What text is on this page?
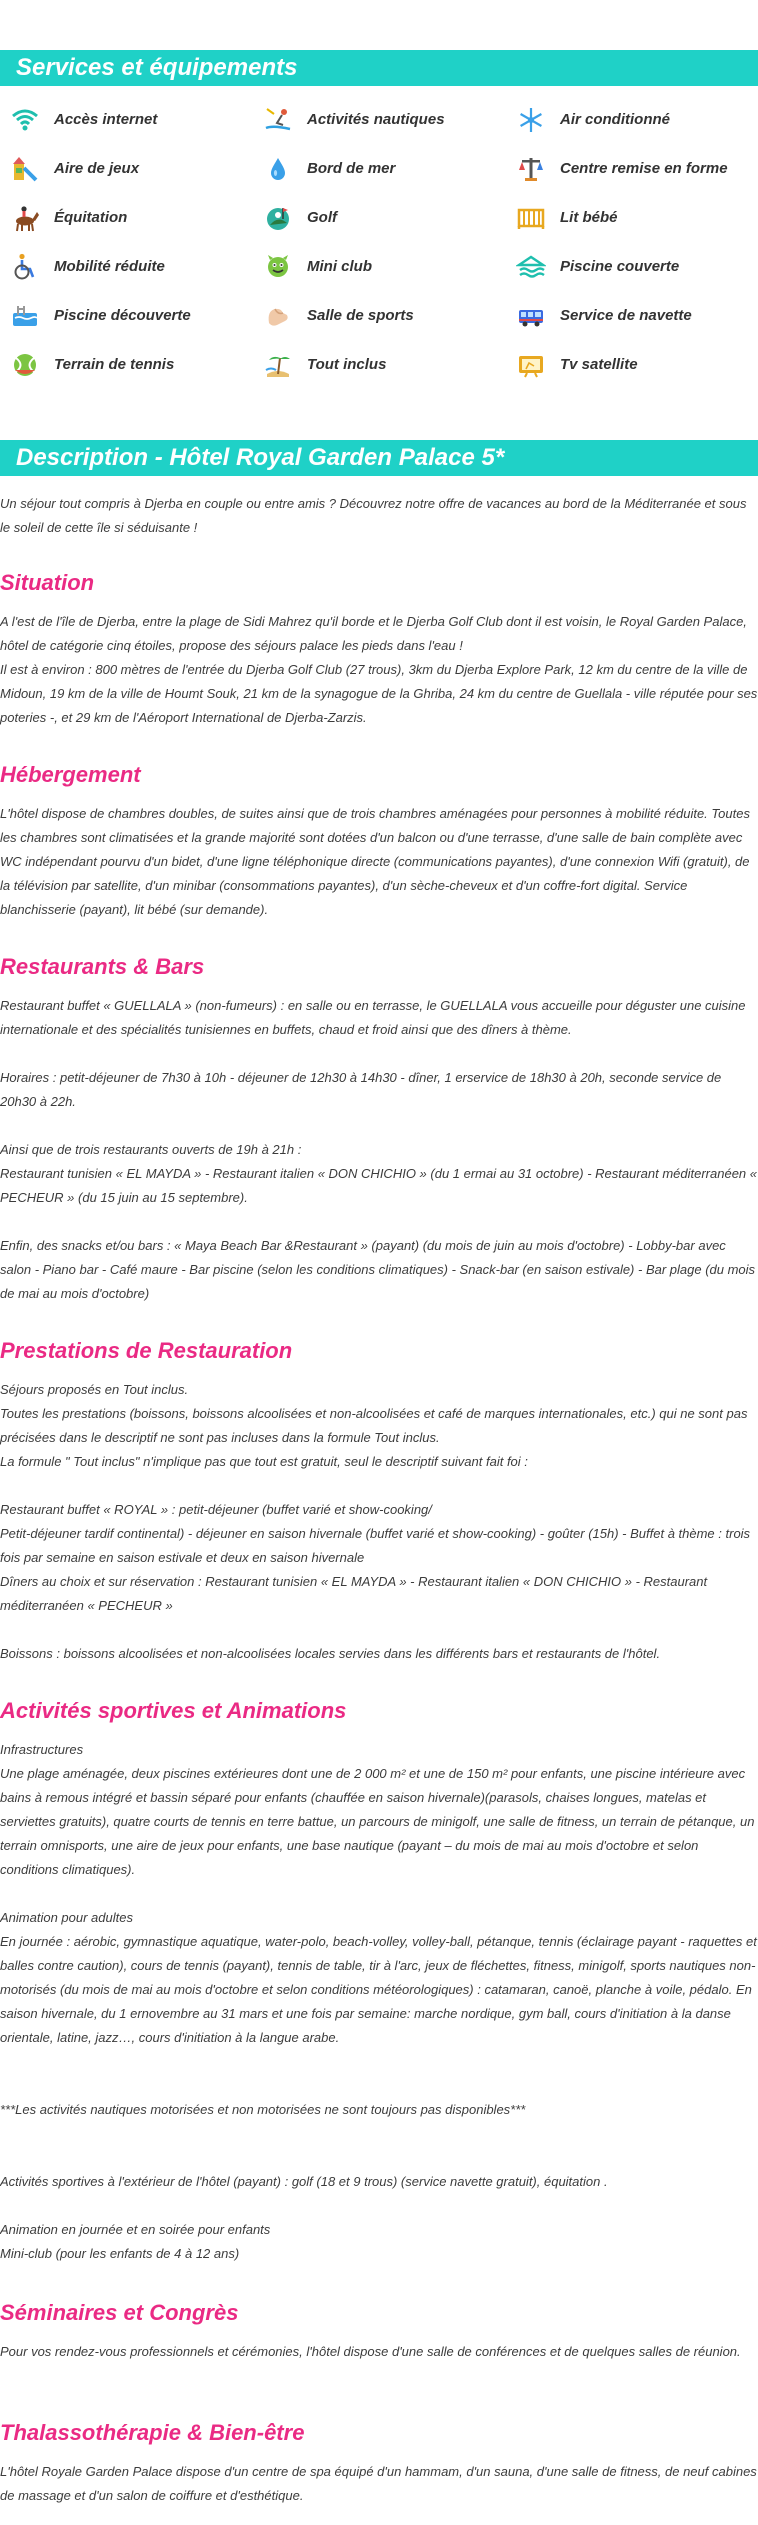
Services et équipements
Accès internet	Activités nautiques	Air conditionné
Aire de jeux	Bord de mer	Centre remise en forme
Équitation	Golf	Lit bébé
Mobilité réduite	Mini club	Piscine couverte
Piscine découverte	Salle de sports	Service de navette
Terrain de tennis	Tout inclus	Tv satellite
Description - Hôtel Royal Garden Palace 5*

Un séjour tout compris à Djerba en couple ou entre amis ? Découvrez notre offre de vacances au bord de la Méditerranée et sous le soleil de cette île si séduisante !

Situation

A l'est de l'île de Djerba, entre la plage de Sidi Mahrez qu'il borde et le Djerba Golf Club dont il est voisin, le Royal Garden Palace, hôtel de catégorie cinq étoiles, propose des séjours palace les pieds dans l'eau !

Il est à environ : 800 mètres de l'entrée du Djerba Golf Club (27 trous), 3km du Djerba Explore Park, 12 km du centre de la ville de Midoun, 19 km de la ville de Houmt Souk, 21 km de la synagogue de la Ghriba, 24 km du centre de Guellala - ville réputée pour ses poteries -, et 29 km de l'Aéroport International de Djerba-Zarzis.

Hébergement

L'hôtel dispose de chambres doubles, de suites ainsi que de trois chambres aménagées pour personnes à mobilité réduite. Toutes les chambres sont climatisées et la grande majorité sont dotées d'un balcon ou d'une terrasse, d'une salle de bain complète avec WC indépendant pourvu d'un bidet, d'une ligne téléphonique directe (communications payantes), d'une connexion Wifi (gratuit), de la télévision par satellite, d'un minibar (consommations payantes), d'un sèche-cheveux et d'un coffre-fort digital. Service blanchisserie (payant), lit bébé (sur demande).

Restaurants & Bars

Restaurant buffet « GUELLALA » (non-fumeurs) : en salle ou en terrasse, le GUELLALA vous accueille pour déguster une cuisine internationale et des spécialités tunisiennes en buffets, chaud et froid ainsi que des dîners à thème.

Horaires : petit-déjeuner de 7h30 à 10h - déjeuner de 12h30 à 14h30 - dîner, 1 erservice de 18h30 à 20h, seconde service de 20h30 à 22h.

Ainsi que de trois restaurants ouverts de 19h à 21h :

Restaurant tunisien « EL MAYDA » - Restaurant italien « DON CHICHIO » (du 1 ermai au 31 octobre) - Restaurant méditerranéen « PECHEUR » (du 15 juin au 15 septembre).

Enfin, des snacks et/ou bars : « Maya Beach Bar &Restaurant » (payant) (du mois de juin au mois d'octobre) - Lobby-bar avec salon - Piano bar - Café maure - Bar piscine (selon les conditions climatiques) - Snack-bar (en saison estivale) - Bar plage (du mois de mai au mois d'octobre)

Prestations de Restauration

Séjours proposés en Tout inclus.

Toutes les prestations (boissons, boissons alcoolisées et non-alcoolisées et café de marques internationales, etc.) qui ne sont pas précisées dans le descriptif ne sont pas incluses dans la formule Tout inclus.

La formule " Tout inclus" n'implique pas que tout est gratuit, seul le descriptif suivant fait foi :

Restaurant buffet « ROYAL » : petit-déjeuner (buffet varié et show-cooking/

Petit-déjeuner tardif continental) - déjeuner en saison hivernale (buffet varié et show-cooking) - goûter (15h) - Buffet à thème : trois fois par semaine en saison estivale et deux en saison hivernale

Dîners au choix et sur réservation : Restaurant tunisien « EL MAYDA » - Restaurant italien « DON CHICHIO » - Restaurant méditerranéen « PECHEUR »

Boissons : boissons alcoolisées et non-alcoolisées locales servies dans les différents bars et restaurants de l'hôtel.

Activités sportives et Animations

Infrastructures

Une plage aménagée, deux piscines extérieures dont une de 2 000 m² et une de 150 m² pour enfants, une piscine intérieure avec bains à remous intégré et bassin séparé pour enfants (chauffée en saison hivernale)(parasols, chaises longues, matelas et serviettes gratuits), quatre courts de tennis en terre battue, un parcours de minigolf, une salle de fitness, un terrain de pétanque, un terrain omnisports, une aire de jeux pour enfants, une base nautique (payant – du mois de mai au mois d'octobre et selon conditions climatiques).

Animation pour adultes

En journée : aérobic, gymnastique aquatique, water-polo, beach-volley, volley-ball, pétanque, tennis (éclairage payant - raquettes et balles contre caution), cours de tennis (payant), tennis de table, tir à l'arc, jeux de fléchettes, fitness, minigolf, sports nautiques non-motorisés (du mois de mai au mois d'octobre et selon conditions météorologiques) : catamaran, canoë, planche à voile, pédalo. En saison hivernale, du 1 ernovembre au 31 mars et une fois par semaine: marche nordique, gym ball, cours d'initiation à la danse orientale, latine, jazz…, cours d'initiation à la langue arabe.

***Les activités nautiques motorisées et non motorisées ne sont toujours pas disponibles***

Activités sportives à l'extérieur de l'hôtel (payant) : golf (18 et 9 trous) (service navette gratuit), équitation .

Animation en journée et en soirée pour enfants

Mini-club (pour les enfants de 4 à 12 ans)

Séminaires et Congrès

Pour vos rendez-vous professionnels et cérémonies, l'hôtel dispose d'une salle de conférences et de quelques salles de réunion.

Thalassothérapie & Bien-être

L'hôtel Royale Garden Palace dispose d'un centre de spa équipé d'un hammam, d'un sauna, d'une salle de fitness, de neuf cabines de massage et d'un salon de coiffure et d'esthétique.
